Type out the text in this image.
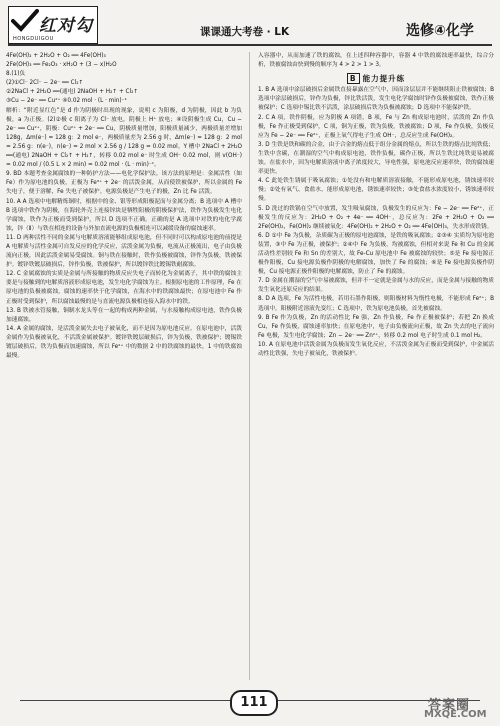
红对勾
HONGDUIGOU
课课通大考卷 · LK	选修④化学

4Fe(OH)₂ + 2H₂O + O₂ ══ 4Fe(OH)₃

2Fe(OH)₃ ══ Fe₂O₃ · xH₂O + (3 − x)H₂O

8.(1)负

(2)①Cl⁻ 2Cl⁻ − 2e⁻ ══ Cl₂↑

②2NaCl + 2H₂O ══(通电) 2NaOH + H₂↑ + Cl₂↑

③Cu − 2e⁻ ══ Cu²⁺ ④0.02 mol · (L · min)⁻¹

解析：“附近显红色”是 d 作为阴极时出现的现象，说明 c 为阳极，d 为阴极，因此 b 为负极，a 为正极。(2)②极 c 阳离子为 Cl⁻ 放电，阴极上 H⁺ 放电；④设阴极生成 Cu，Cu − 2e⁻ ══ Cu²⁺，阴极：Cu²⁺ + 2e⁻ ══ Cu，阴极质量增加，阳极质量减少，两极质量差增加 128g，Δm(e⁻) = 128 g：2 mol e⁻，两极质量差为 2.56 g 时，Δm(e⁻) = 128 g：2 mol = 2.56 g：n(e⁻)，n(e⁻) = 2 mol × 2.56 g / 128 g = 0.02 mol。Y 槽中 2NaCl + 2H₂O ══(通电) 2NaOH + Cl₂↑ + H₂↑，转移 0.02 mol e⁻ 时生成 OH⁻ 0.02 mol，则 v(OH⁻) = 0.02 mol / (0.5 L × 2 min) = 0.02 mol · (L · min)⁻¹。

9. BD 本题考查金属腐蚀的一种防护方法——电化学保护法。该方法的原理是：金属活性（如 Fe）作为原电池的负极，正极为 Fe³⁺ + 2e⁻ 的活泼金属，从而使铁被保护，所以金属的 Fe 失电子，便于溶解，Fe 失电子被保护。电源负极是产生电子的极，Zn 比 Fe 活泼。

10. A A 选项中电解精炼铜时，根据中的金、银等形成阳极泥而与金属分离；B 选项中 A 槽中 B 选项中铁作为阴极，在海轮外壳上连接锌块是牺牲阳极的阴极保护法，铁作为负极发生电化学腐蚀，铁作为正极而受到保护，所以 D 选项不正确。正确的是 A 选项中对铁的电化学腐蚀，锌（Ⅱ）与铁在相连的设备与外加直流电源的负极相连可以减缓设备的腐蚀速率。

11. D 两种活性不同的金属与电解质溶液能够组成原电池，但不同时可以构成原电池的前提是 A 电解质与活性金属可自发反应的化学反应，活泼金属为负极，电流从正极流出，电子由负极流向正极，因此活泼金属易受腐蚀。铜与铁在接触时，铁作负极被腐蚀，锌作为负极，铁被保护。镀锌铁镀层破损后，锌作负极，铁被保护，所以镀锌铁比镀锡铁耐腐蚀。

12. C 金属腐蚀的实质是金属与所接触的物质反应失电子而转化为金属离子，其中铁的腐蚀主要是与接触到的电解质溶液形成原电池，发生电化学腐蚀为主。根据原电池的工作原理，Fe 在原电池的负极被腐蚀，腐蚀的速率快于化学腐蚀，在海水中的铁腐蚀最快；在原电池中 Fe 作正极时受到保护，所以腐蚀最慢的是与直流电源负极相连接入海水中的铁。

13. B 铁被水管接触，铜制水龙头等在一起的构成两种金属，与水接触构成原电池，铁作负极加速腐蚀。

14. A 金属的腐蚀，是活泼金属失去电子被氧化，而不是因为原电池反应。在原电池中，活泼金属作为负极被氧化，不活泼金属被保护。镀锌铁镀层破损后，锌为负极，铁被保护；镀锡铁镀层破损后，铁为负极而加速腐蚀，所以 Fe²⁺ 中的数据 2 中的铁腐蚀的最快，1 中的铁腐蚀最慢。

入容器中，从而加速了铁的腐蚀，在上述四种容器中，容器 4 中铁的腐蚀速率最快，综合分析，铁被腐蚀由快到慢的顺序为 4 > 2 > 1 > 3。

B 能力提升练

1. B A 选项中涂层破损后金属铁直接暴露在空气中，因而涂层层并不能继续阻止铁被腐蚀；B 选项中涂层破损后，锌作为负极，锌比铁活泼，发生电化学腐蚀时锌作负极被腐蚀，铁作正极被保护；C 选项中锡比铁不活泼，涂层破损后铁为负极被腐蚀；D 选项中不能保护铁。

2. C A 项，铁作阴极，应为阴极 A 项错，B 项，Fe 与 Zn 构成原电池时，活泼的 Zn 作负极，Fe 作正极受到保护，C 项，铜为正极，铁为负极，铁被腐蚀；D 项，Fe 作负极，负极反应为 Fe − 2e⁻ ══ Fe²⁺，正极上氧气得电子生成 OH⁻，总反应生成 Fe(OH)₂。

3. D 生铁是铁和碳的合金，由于合金的熔点低于组分金属的熔点，所以生铁的熔点比纯铁低；生铁中含碳，在潮湿的空气中构成原电池，铁作负极，碳作正极，所以生铁比纯铁更易被腐蚀。在盐水中，因为电解质溶液中离子浓度较大，导电性强，原电池反应速率快，铁的腐蚀速率更快。

4. C 此处铁生锈属于吸氧腐蚀；①处没有和电解质溶液接触，不能形成原电池，锈蚀速率较慢；②处有氧气、食盐水，能形成原电池，锈蚀速率较快；③处食盐水浓度较小，锈蚀速率较慢。

5. D 洗过的铁锅在空气中放置，发生吸氧腐蚀，负极发生的反应为：Fe − 2e⁻ ══ Fe²⁺，正极发生的反应为：2H₂O + O₂ + 4e⁻ ══ 4OH⁻，总反应为：2Fe + 2H₂O + O₂ ══ 2Fe(OH)₂，Fe(OH)₂ 继续被氧化：4Fe(OH)₂ + 2H₂O + O₂ ══ 4Fe(OH)₃，失水形成铁锈。

6. D ①中 Fe 为负极，杂质碳为正极的原电池腐蚀，是铁的吸氧腐蚀；②③④ 实质均为原电池装置，③中 Fe 为正极，被保护；②④中 Fe 为负极，均被腐蚀，但相对来说 Fe 和 Cu 的金属活动性差别较 Fe 和 Sn 的差别大，故 Fe-Cu 原电池中 Fe 被腐蚀的较快；⑤是 Fe 接电源正极作阳极，Cu 接电源负极作阴极的电解腐蚀，加快了 Fe 的腐蚀；⑥是 Fe 接电源负极作阴极，Cu 接电源正极作阳极的电解腐蚀，防止了 Fe 的腐蚀。

7. D 金属在潮湿的空气中易被腐蚀，但并不一定就是金属与水的反应，而是金属与接触的物质发生氧化还原反应的结果。

8. D A 选项，Fe 为活性电极，若用石墨作阳极，则阳极材料为惰性电极，不能形成 Fe²⁺；B 选项中，阳极附近溶液先变红；C 选项中，铁为原电池负极，首先被腐蚀。

9. B Fe 作为负极，Zn 的活动性比 Fe 强，Zn 作负极，Fe 作正极被保护；若把 Zn 换成 Cu，Fe 作负极，腐蚀速率加快；在原电池中，电子由负极流向正极，故 Zn 失去的电子流向 Fe 电极，发生电化学腐蚀；Zn − 2e⁻ ══ Zn²⁺，转移 0.2 mol 电子时生成 0.1 mol H₂。

10. A 在原电池中活泼金属为负极而发生氧化反应，不活泼金属为正极而受到保护，中金属活动性比铁强，失电子被氧化，铁被保护。

111	答案圈
MXQE.COM
